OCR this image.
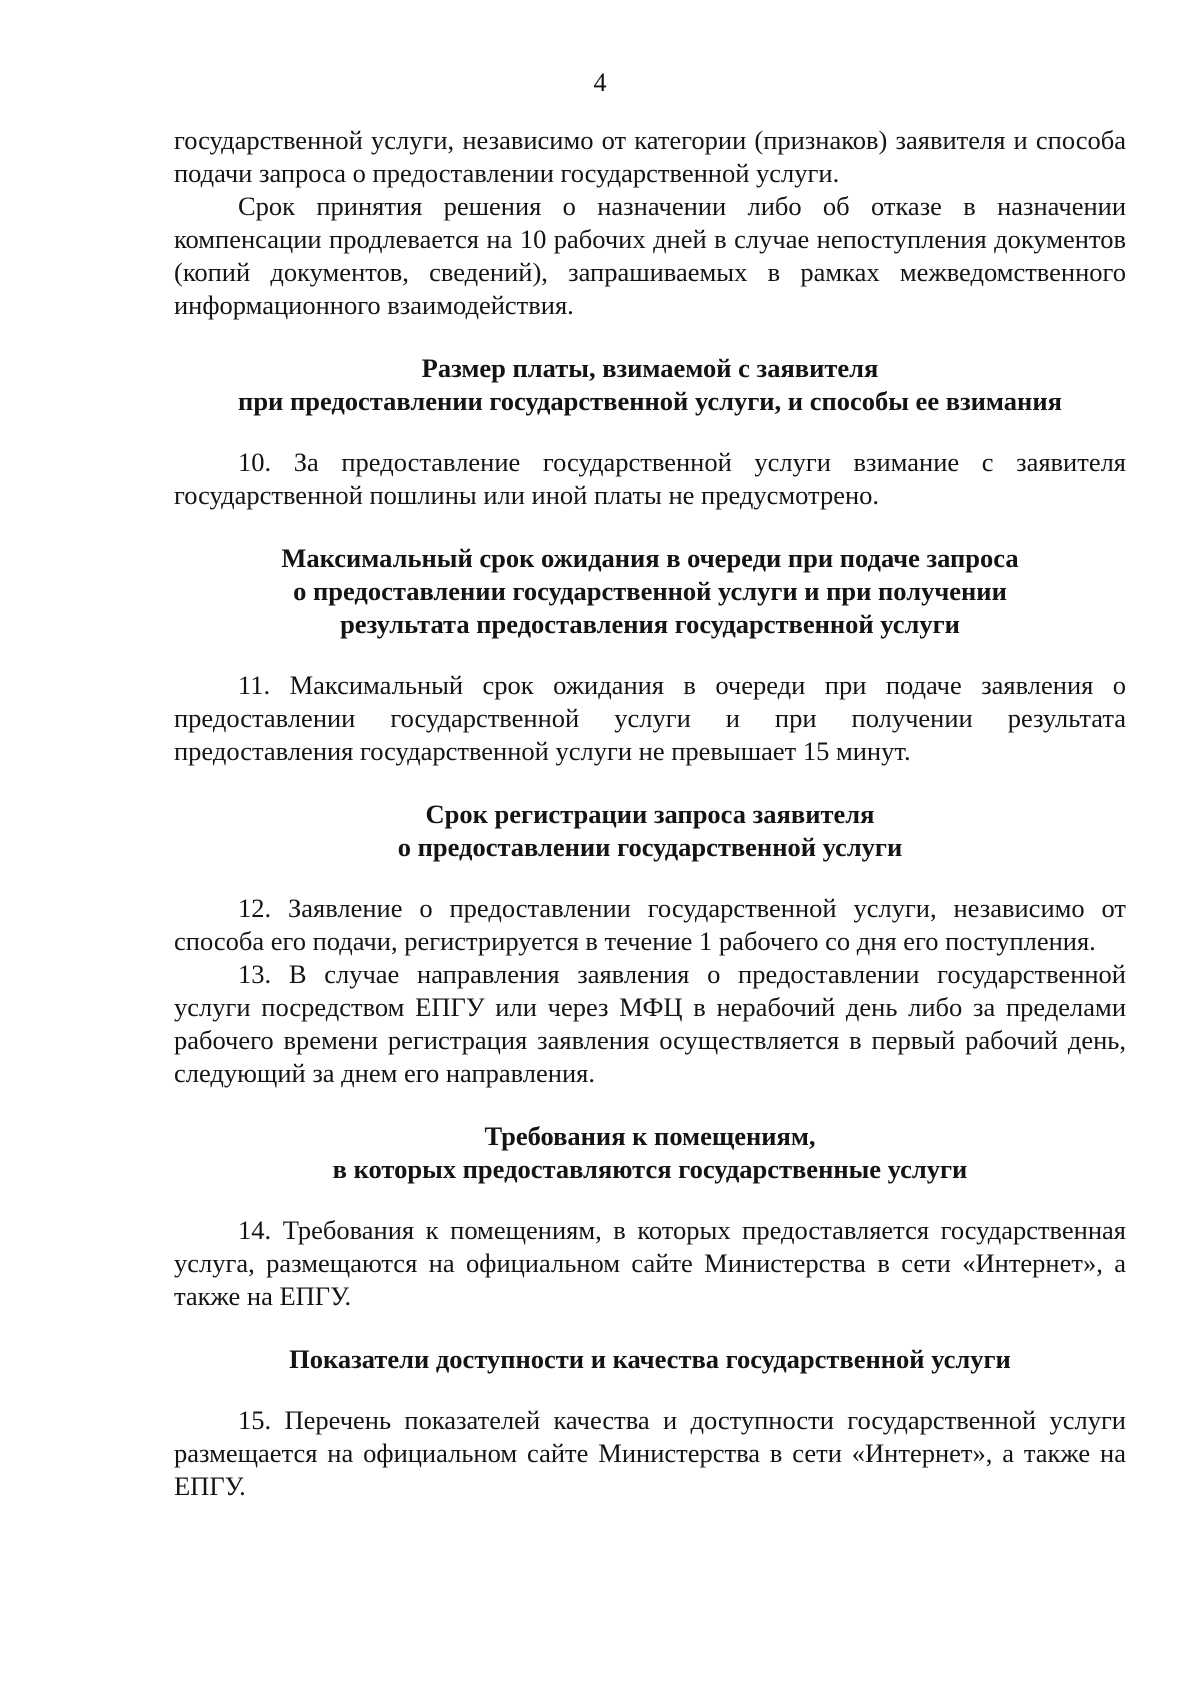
4

государственной услуги, независимо от категории (признаков) заявителя и способа подачи запроса о предоставлении государственной услуги.

Срок принятия решения о назначении либо об отказе в назначении компенсации продлевается на 10 рабочих дней в случае непоступления документов (копий документов, сведений), запрашиваемых в рамках межведомственного информационного взаимодействия.

Размер платы, взимаемой с заявителя
при предоставлении государственной услуги, и способы ее взимания

10. За предоставление государственной услуги взимание с заявителя государственной пошлины или иной платы не предусмотрено.

Максимальный срок ожидания в очереди при подаче запроса
о предоставлении государственной услуги и при получении
результата предоставления государственной услуги

11. Максимальный срок ожидания в очереди при подаче заявления о предоставлении государственной услуги и при получении результата предоставления государственной услуги не превышает 15 минут.

Срок регистрации запроса заявителя
о предоставлении государственной услуги

12. Заявление о предоставлении государственной услуги, независимо от способа его подачи, регистрируется в течение 1 рабочего со дня его поступления.

13. В случае направления заявления о предоставлении государственной услуги посредством ЕПГУ или через МФЦ в нерабочий день либо за пределами рабочего времени регистрация заявления осуществляется в первый рабочий день, следующий за днем его направления.

Требования к помещениям,
в которых предоставляются государственные услуги

14. Требования к помещениям, в которых предоставляется государственная услуга, размещаются на официальном сайте Министерства в сети «Интернет», а также на ЕПГУ.

Показатели доступности и качества государственной услуги

15. Перечень показателей качества и доступности государственной услуги размещается на официальном сайте Министерства в сети «Интернет», а также на ЕПГУ.
